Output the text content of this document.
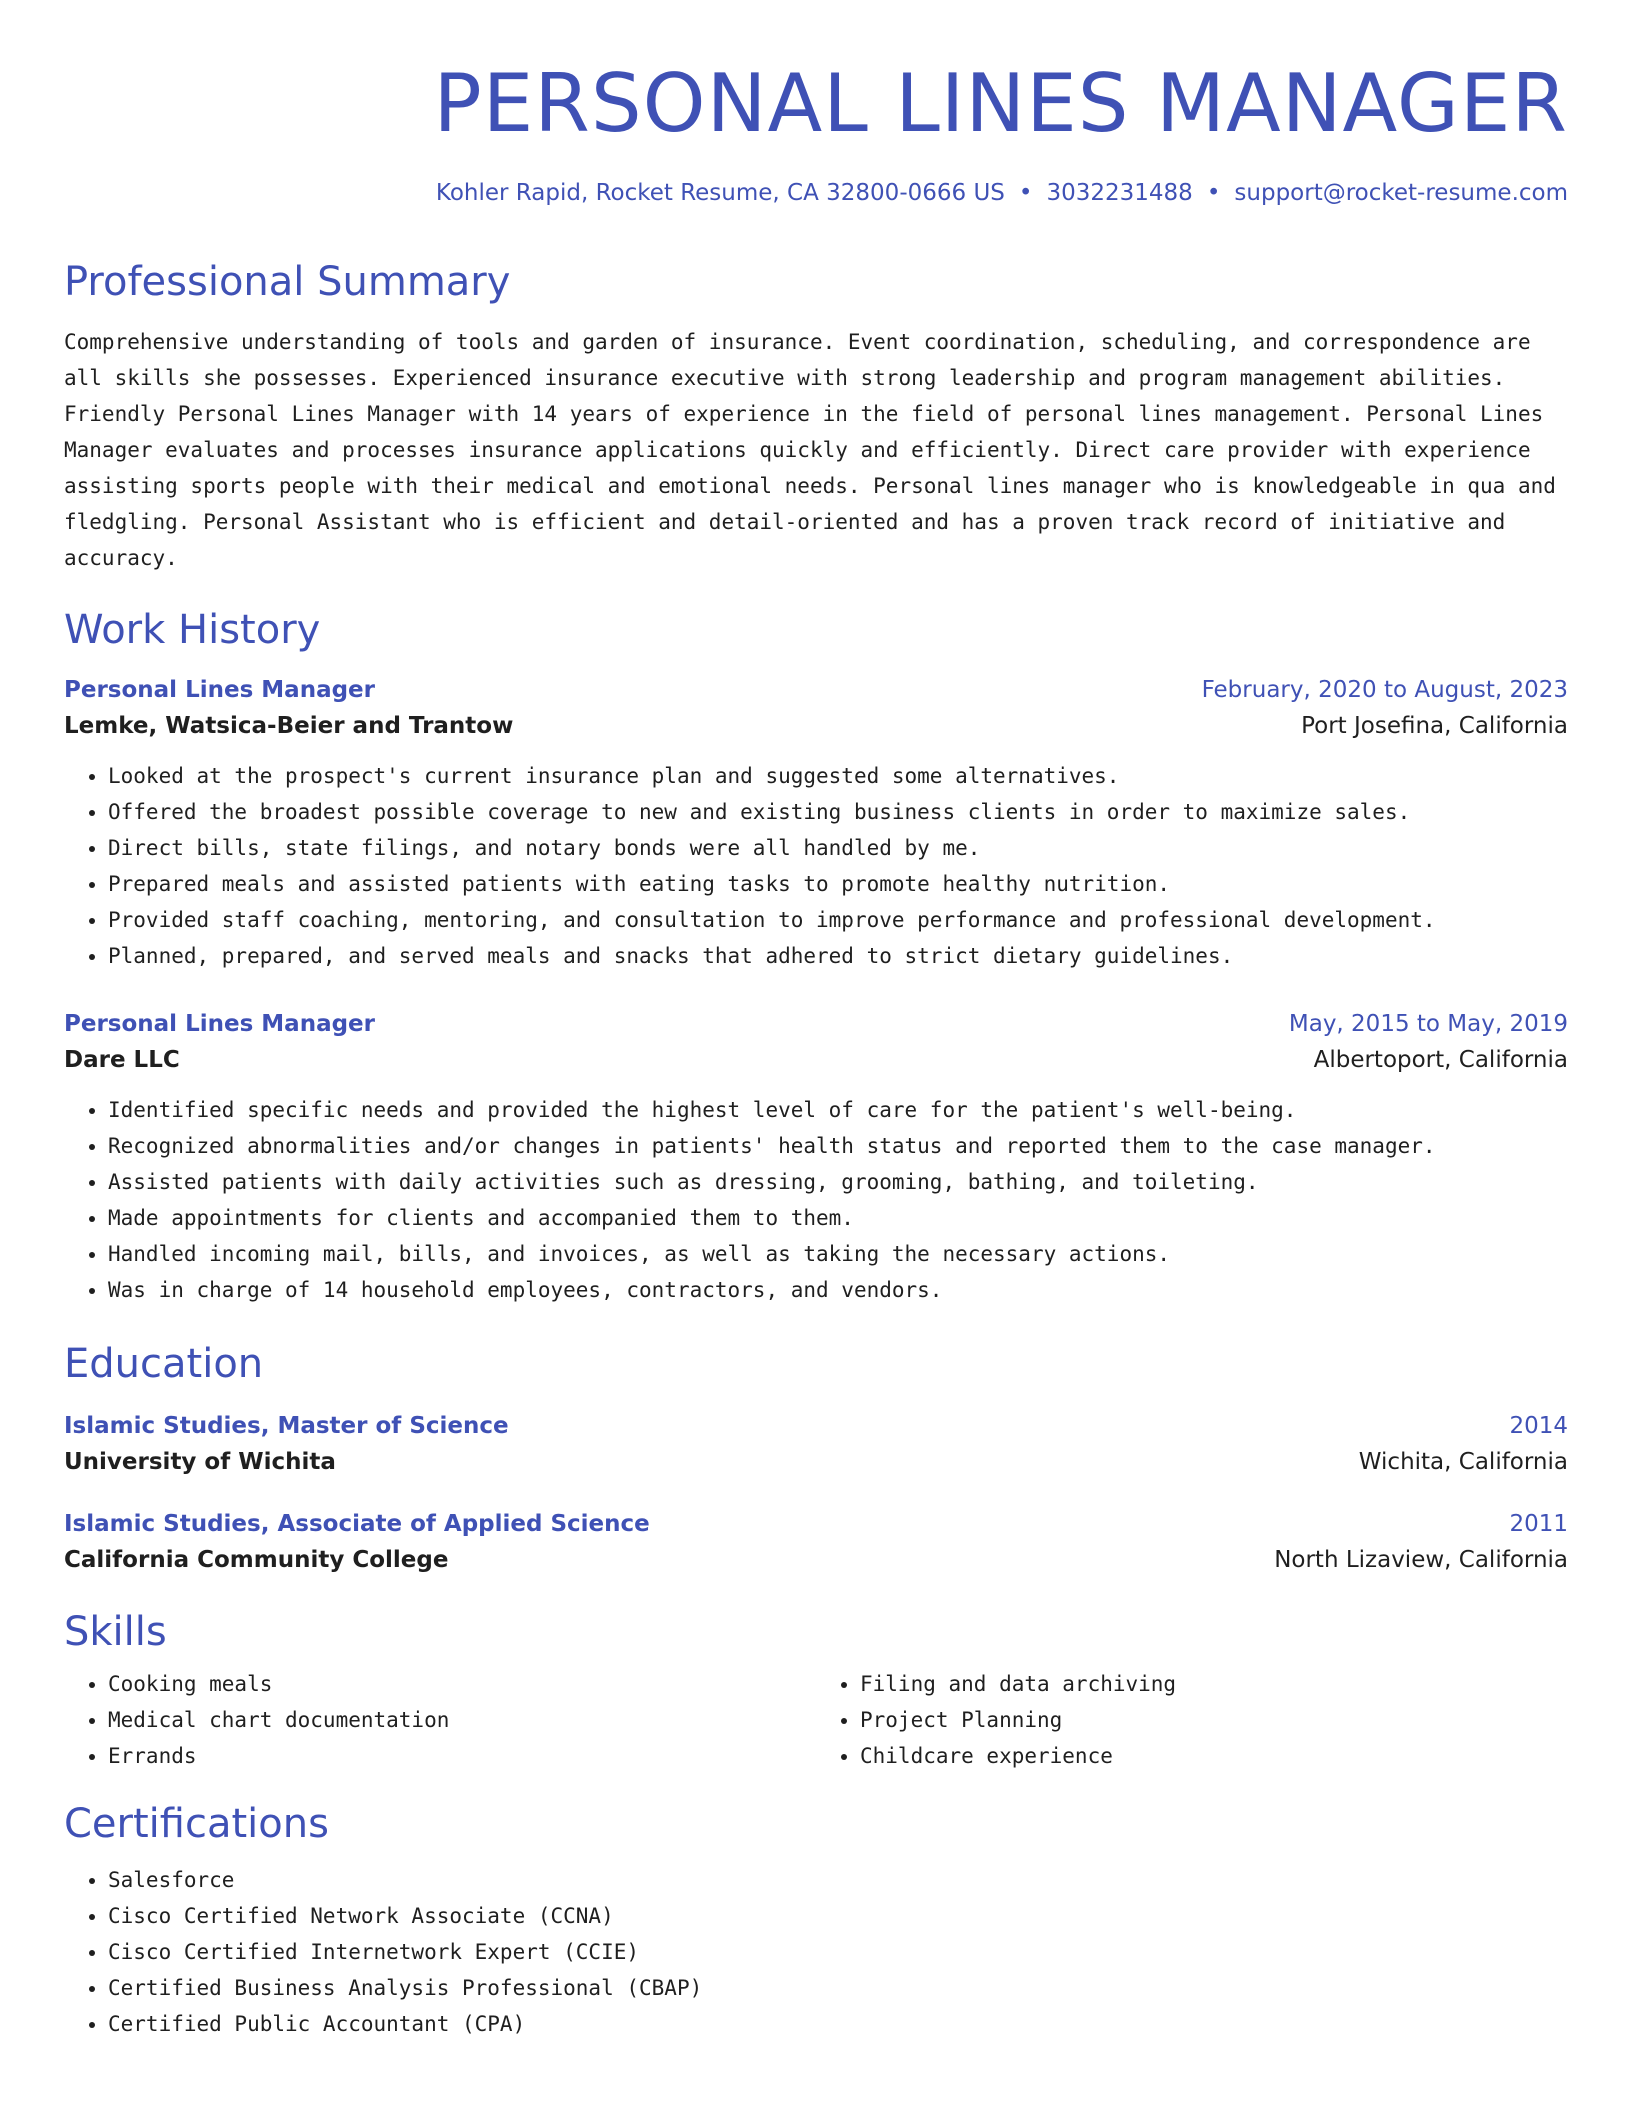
PERSONAL LINES MANAGER
Kohler Rapid, Rocket Resume, CA 32800-0666 US • 3032231488 • support@rocket-resume.com
Professional Summary
Comprehensive understanding of tools and garden of insurance. Event coordination, scheduling, and correspondence are all skills she possesses. Experienced insurance executive with strong leadership and program management abilities. Friendly Personal Lines Manager with 14 years of experience in the field of personal lines management. Personal Lines Manager evaluates and processes insurance applications quickly and efficiently. Direct care provider with experience assisting sports people with their medical and emotional needs. Personal lines manager who is knowledgeable in qua and fledgling. Personal Assistant who is efficient and detail-oriented and has a proven track record of initiative and accuracy.
Work History
Personal Lines Manager	February, 2020 to August, 2023
Lemke, Watsica-Beier and Trantow	Port Josefina, California
• Looked at the prospect's current insurance plan and suggested some alternatives.
• Offered the broadest possible coverage to new and existing business clients in order to maximize sales.
• Direct bills, state filings, and notary bonds were all handled by me.
• Prepared meals and assisted patients with eating tasks to promote healthy nutrition.
• Provided staff coaching, mentoring, and consultation to improve performance and professional development.
• Planned, prepared, and served meals and snacks that adhered to strict dietary guidelines.
Personal Lines Manager	May, 2015 to May, 2019
Dare LLC	Albertoport, California
• Identified specific needs and provided the highest level of care for the patient's well-being.
• Recognized abnormalities and/or changes in patients' health status and reported them to the case manager.
• Assisted patients with daily activities such as dressing, grooming, bathing, and toileting.
• Made appointments for clients and accompanied them to them.
• Handled incoming mail, bills, and invoices, as well as taking the necessary actions.
• Was in charge of 14 household employees, contractors, and vendors.
Education
Islamic Studies, Master of Science	2014
University of Wichita	Wichita, California
Islamic Studies, Associate of Applied Science	2011
California Community College	North Lizaview, California
Skills
• Cooking meals
• Medical chart documentation
• Errands
• Filing and data archiving
• Project Planning
• Childcare experience
Certifications
• Salesforce
• Cisco Certified Network Associate (CCNA)
• Cisco Certified Internetwork Expert (CCIE)
• Certified Business Analysis Professional (CBAP)
• Certified Public Accountant (CPA)
